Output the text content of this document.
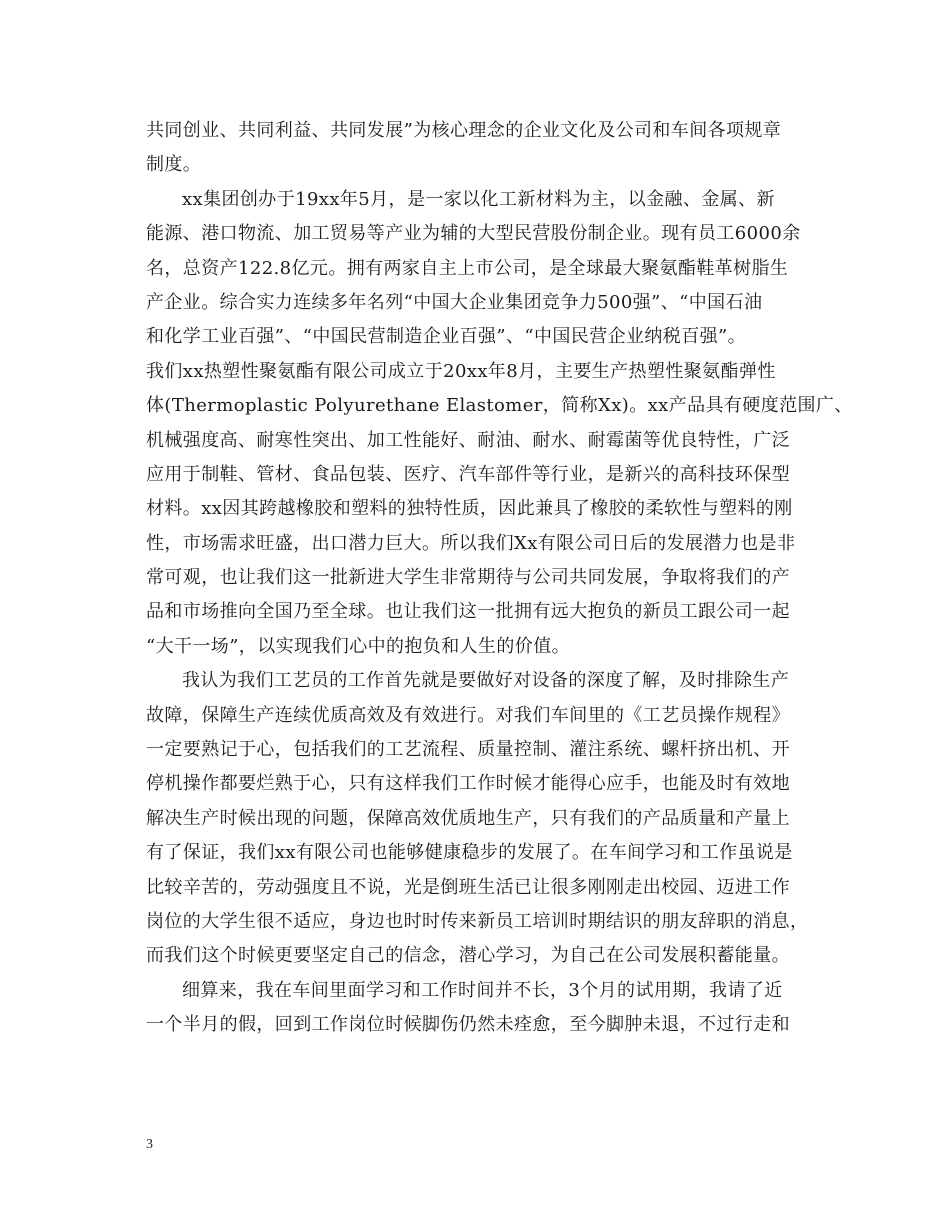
共同创业、共同利益、共同发展”为核心理念的企业文化及公司和车间各项规章
制度。
xx集团创办于19xx年5月，是一家以化工新材料为主，以金融、金属、新
能源、港口物流、加工贸易等产业为辅的大型民营股份制企业。现有员工6000余
名，总资产122.8亿元。拥有两家自主上市公司，是全球最大聚氨酯鞋革树脂生
产企业。综合实力连续多年名列“中国大企业集团竞争力500强”、“中国石油
和化学工业百强”、“中国民营制造企业百强”、“中国民营企业纳税百强”。
我们xx热塑性聚氨酯有限公司成立于20xx年8月，主要生产热塑性聚氨酯弹性
体(Thermoplastic Polyurethane Elastomer，简称Xx)。xx产品具有硬度范围广、
机械强度高、耐寒性突出、加工性能好、耐油、耐水、耐霉菌等优良特性，广泛
应用于制鞋、管材、食品包装、医疗、汽车部件等行业，是新兴的高科技环保型
材料。xx因其跨越橡胶和塑料的独特性质，因此兼具了橡胶的柔软性与塑料的刚
性，市场需求旺盛，出口潜力巨大。所以我们Xx有限公司日后的发展潜力也是非
常可观，也让我们这一批新进大学生非常期待与公司共同发展，争取将我们的产
品和市场推向全国乃至全球。也让我们这一批拥有远大抱负的新员工跟公司一起
“大干一场”，以实现我们心中的抱负和人生的价值。
我认为我们工艺员的工作首先就是要做好对设备的深度了解，及时排除生产
故障，保障生产连续优质高效及有效进行。对我们车间里的《工艺员操作规程》
一定要熟记于心，包括我们的工艺流程、质量控制、灌注系统、螺杆挤出机、开
停机操作都要烂熟于心，只有这样我们工作时候才能得心应手，也能及时有效地
解决生产时候出现的问题，保障高效优质地生产，只有我们的产品质量和产量上
有了保证，我们xx有限公司也能够健康稳步的发展了。在车间学习和工作虽说是
比较辛苦的，劳动强度且不说，光是倒班生活已让很多刚刚走出校园、迈进工作
岗位的大学生很不适应，身边也时时传来新员工培训时期结识的朋友辞职的消息，
而我们这个时候更要坚定自己的信念，潜心学习，为自己在公司发展积蓄能量。
细算来，我在车间里面学习和工作时间并不长，3个月的试用期，我请了近
一个半月的假，回到工作岗位时候脚伤仍然未痊愈，至今脚肿未退，不过行走和
3
